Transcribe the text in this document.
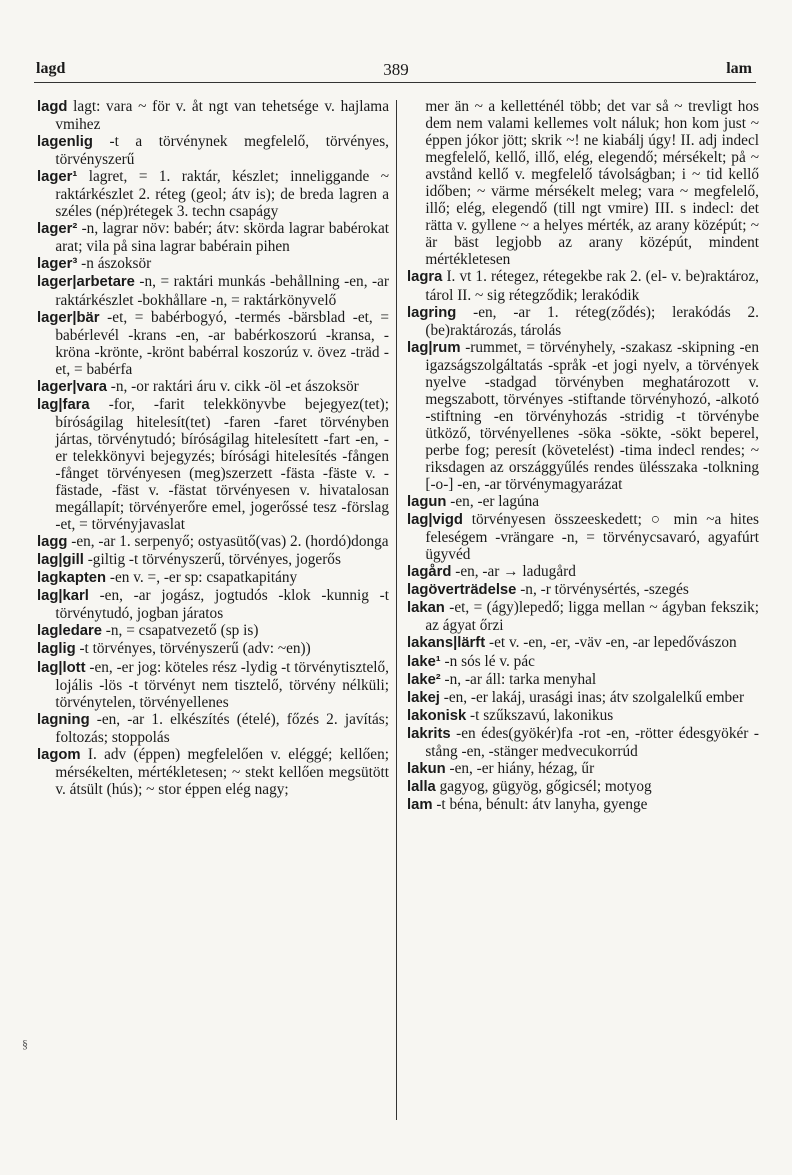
lagd	389	lam

lagd lagt: vara ~ för v. åt ngt van tehetsége v. hajlama vmihez

lagenlig -t a törvénynek megfelelő, törvényes, törvényszerű

lager¹ lagret, = 1. raktár, készlet; inneliggande ~ raktárkészlet 2. réteg (geol; átv is); de breda lagren a széles (nép)rétegek 3. techn csapágy

lager² -n, lagrar növ: babér; átv: skörda lagrar babérokat arat; vila på sina lagrar babérain pihen

lager³ -n ászoksör

lager|arbetare -n, = raktári munkás -behållning -en, -ar raktárkészlet -bokhållare -n, = raktárkönyvelő

lager|bär -et, = babérbogyó, -termés -bärsblad -et, = babérlevél -krans -en, -ar babérkoszorú -kransa, -kröna -krönte, -krönt babérral koszorúz v. övez -träd -et, = babérfa

lager|vara -n, -or raktári áru v. cikk -öl -et ászoksör

lag|fara -for, -farit telekkönyvbe bejegyez(tet); bíróságilag hitelesít(tet) -faren -faret törvényben jártas, törvénytudó; bíróságilag hitelesített -fart -en, -er telekkönyvi bejegyzés; bírósági hitelesítés -fången -fånget törvényesen (meg)szerzett -fästa -fäste v. -fästade, -fäst v. -fästat törvényesen v. hivatalosan megállapít; törvényerőre emel, jogerőssé tesz -förslag -et, = törvényjavaslat

lagg -en, -ar 1. serpenyő; ostyasütő(vas) 2. (hordó)donga

lag|gill -giltig -t törvényszerű, törvényes, jogerős

lagkapten -en v. =, -er sp: csapatkapitány

lag|karl -en, -ar jogász, jogtudós -klok -kunnig -t törvénytudó, jogban járatos

lagledare -n, = csapatvezető (sp is)

laglig -t törvényes, törvényszerű (adv: ~en))

lag|lott -en, -er jog: köteles rész -lydig -t törvénytisztelő, lojális -lös -t törvényt nem tisztelő, törvény nélküli; törvénytelen, törvényellenes

lagning -en, -ar 1. elkészítés (ételé), főzés 2. javítás; foltozás; stoppolás

lagom I. adv (éppen) megfelelően v. eléggé; kellően; mérsékelten, mértékletesen; ~ stekt kellően megsütött v. átsült (hús); ~ stor éppen elég nagy;

mer än ~ a kelletténél több; det var så ~ trevligt hos dem nem valami kellemes volt náluk; hon kom just ~ éppen jókor jött; skrik ~! ne kiabálj úgy! II. adj indecl megfelelő, kellő, illő, elég, elegendő; mérsékelt; på ~ avstånd kellő v. megfelelő távolságban; i ~ tid kellő időben; ~ värme mérsékelt meleg; vara ~ megfelelő, illő; elég, elegendő (till ngt vmire) III. s indecl: det rätta v. gyllene ~ a helyes mérték, az arany középút; ~ är bäst legjobb az arany középút, mindent mértékletesen

lagra I. vt 1. rétegez, rétegekbe rak 2. (el- v. be)raktároz, tárol II. ~ sig rétegződik; lerakódik

lagring -en, -ar 1. réteg(ződés); lerakódás 2. (be)raktározás, tárolás

lag|rum -rummet, = törvényhely, -szakasz -skipning -en igazságszolgáltatás -språk -et jogi nyelv, a törvények nyelve -stadgad törvényben meghatározott v. megszabott, törvényes -stiftande törvényhozó, -alkotó -stiftning -en törvényhozás -stridig -t törvénybe ütköző, törvényellenes -söka -sökte, -sökt beperel, perbe fog; peresít (követelést) -tima indecl rendes; ~ riksdagen az országgyűlés rendes ülésszaka -tolkning [-o-] -en, -ar törvénymagyarázat

lagun -en, -er lagúna

lag|vigd törvényesen összeeskedett; ○ min ~a hites feleségem -vrängare -n, = törvénycsavaró, agyafúrt ügyvéd

lagård -en, -ar → ladugård

lagöverträdelse -n, -r törvénysértés, -szegés

lakan -et, = (ágy)lepedő; ligga mellan ~ ágyban fekszik; az ágyat őrzi

lakans|lärft -et v. -en, -er, -väv -en, -ar lepedővászon

lake¹ -n sós lé v. pác

lake² -n, -ar áll: tarka menyhal

lakej -en, -er lakáj, urasági inas; átv szolgalelkű ember

lakonisk -t szűkszavú, lakonikus

lakrits -en édes(gyökér)fa -rot -en, -rötter édesgyökér -stång -en, -stänger medvecukorrúd

lakun -en, -er hiány, hézag, űr

lalla gagyog, gügyög, gőgicsél; motyog

lam -t béna, bénult: átv lanyha, gyenge

§
